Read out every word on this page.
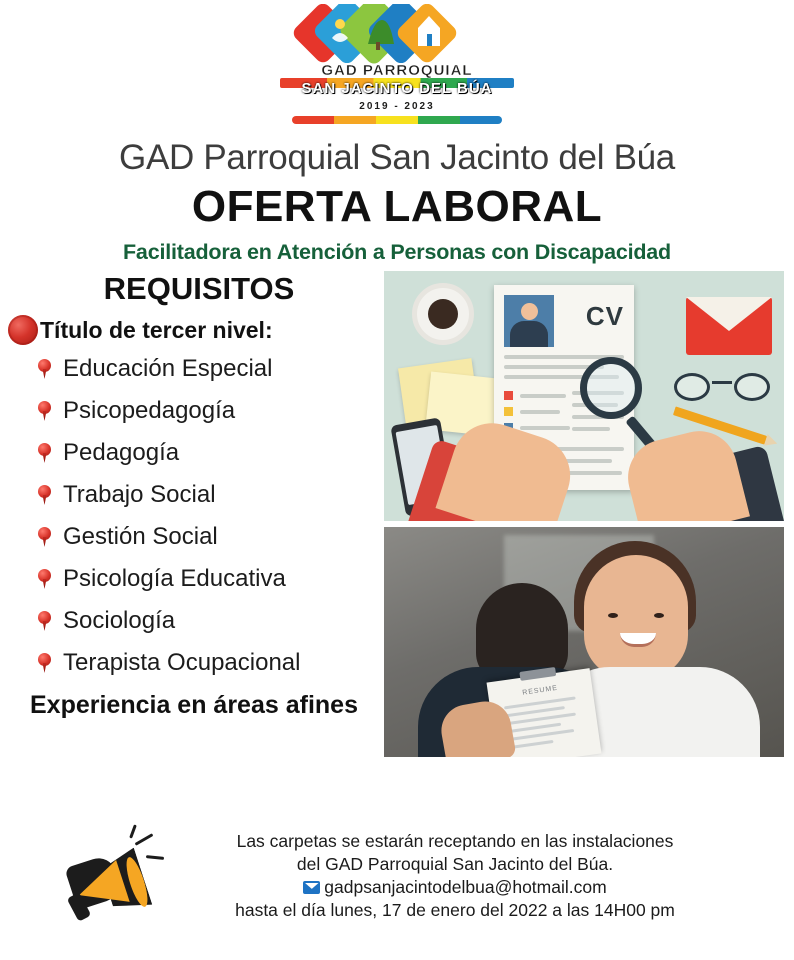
GAD PARROQUIAL
SAN JACINTO DEL BÚA
2019 - 2023
GAD Parroquial San Jacinto del Búa
OFERTA LABORAL
Facilitadora en Atención a Personas con Discapacidad
REQUISITOS
Título de tercer nivel:
Educación Especial
Psicopedagogía
Pedagogía
Trabajo Social
Gestión Social
Psicología Educativa
Sociología
Terapista Ocupacional
Experiencia en áreas afines
CV
RESUME
Las carpetas se estarán receptando en las instalaciones
del GAD Parroquial San Jacinto del Búa.
gadpsanjacintodelbua@hotmail.com
hasta el día lunes, 17 de enero del 2022 a las 14H00 pm
